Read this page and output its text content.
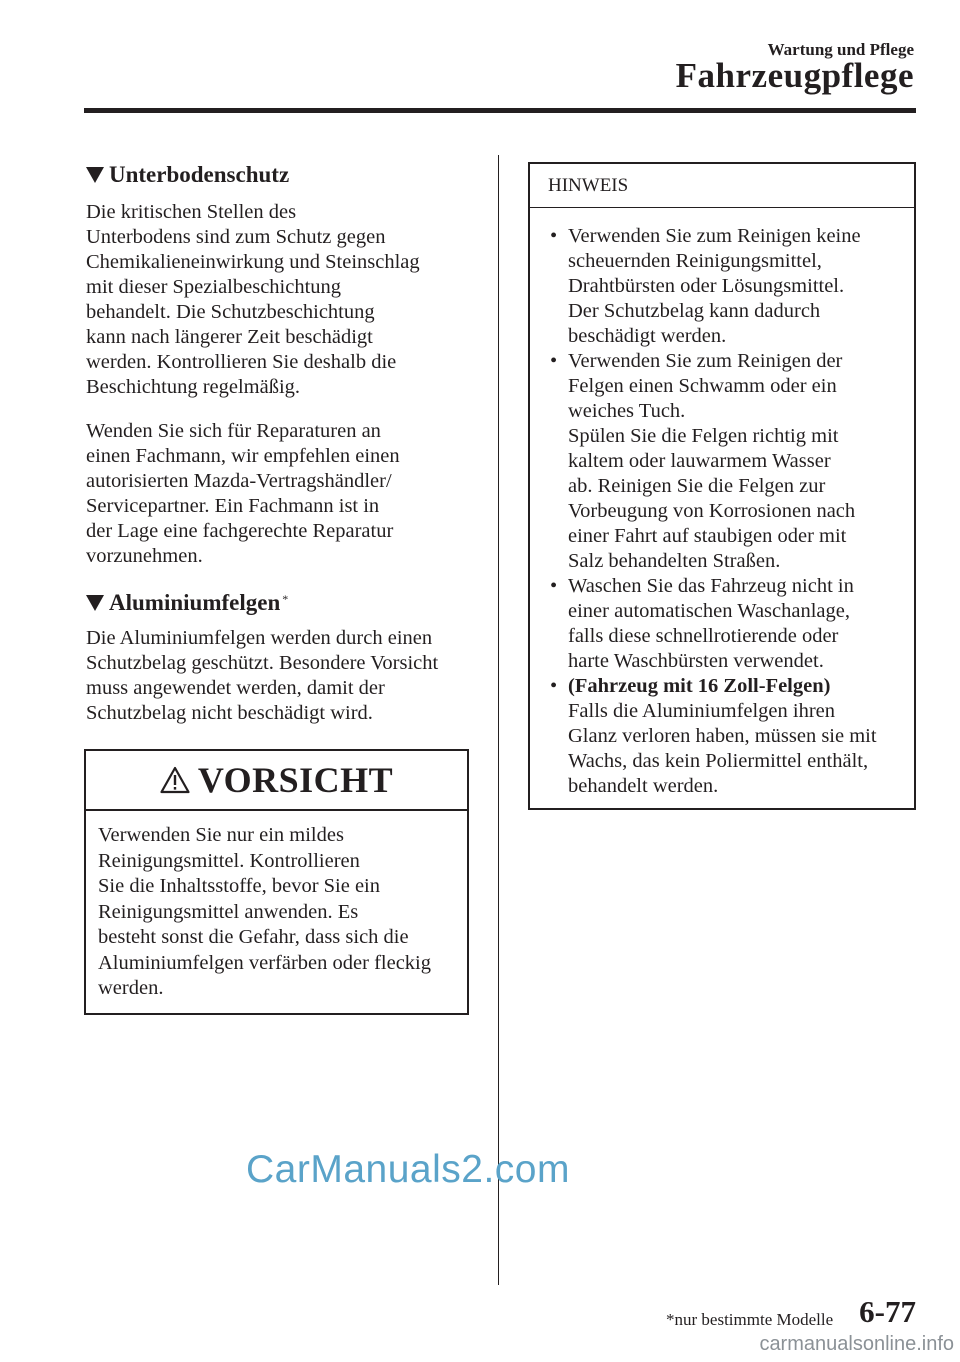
Wartung und Pflege
Fahrzeugpflege
Unterbodenschutz

Die kritischen Stellen des
Unterbodens sind zum Schutz gegen
Chemikalieneinwirkung und Steinschlag
mit dieser Spezialbeschichtung
behandelt. Die Schutzbeschichtung
kann nach längerer Zeit beschädigt
werden. Kontrollieren Sie deshalb die
Beschichtung regelmäßig.

Wenden Sie sich für Reparaturen an
einen Fachmann, wir empfehlen einen
autorisierten Mazda-Vertragshändler/
Servicepartner. Ein Fachmann ist in
der Lage eine fachgerechte Reparatur
vorzunehmen.

Aluminiumfelgen*

Die Aluminiumfelgen werden durch einen
Schutzbelag geschützt. Besondere Vorsicht
muss angewendet werden, damit der
Schutzbelag nicht beschädigt wird.

VORSICHT
Verwenden Sie nur ein mildes
Reinigungsmittel. Kontrollieren
Sie die Inhaltsstoffe, bevor Sie ein
Reinigungsmittel anwenden. Es
besteht sonst die Gefahr, dass sich die
Aluminiumfelgen verfärben oder fleckig
werden.
HINWEIS
• Verwenden Sie zum Reinigen keine
scheuernden Reinigungsmittel,
Drahtbürsten oder Lösungsmittel.
Der Schutzbelag kann dadurch
beschädigt werden.
• Verwenden Sie zum Reinigen der
Felgen einen Schwamm oder ein
weiches Tuch.
Spülen Sie die Felgen richtig mit
kaltem oder lauwarmem Wasser
ab. Reinigen Sie die Felgen zur
Vorbeugung von Korrosionen nach
einer Fahrt auf staubigen oder mit
Salz behandelten Straßen.
• Waschen Sie das Fahrzeug nicht in
einer automatischen Waschanlage,
falls diese schnellrotierende oder
harte Waschbürsten verwendet.
• (Fahrzeug mit 16 Zoll-Felgen)
Falls die Aluminiumfelgen ihren
Glanz verloren haben, müssen sie mit
Wachs, das kein Poliermittel enthält,
behandelt werden.
CarManuals2.com
*nur bestimmte Modelle 6-77
carmanualsonline.info
